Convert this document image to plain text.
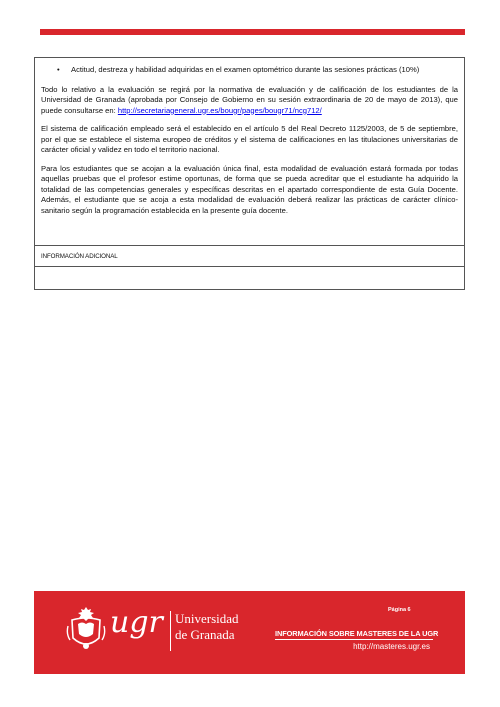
•	Actitud, destreza y habilidad adquiridas en el examen optométrico durante las sesiones prácticas (10%)

Todo lo relativo a la evaluación se regirá por la normativa de evaluación y de calificación de los estudiantes de la Universidad de Granada (aprobada por Consejo de Gobierno en su sesión extraordinaria de 20 de mayo de 2013), que puede consultarse en: http://secretariageneral.ugr.es/bougr/pages/bougr71/ncg712/

El sistema de calificación empleado será el establecido en el artículo 5 del Real Decreto 1125/2003, de 5 de septiembre, por el que se establece el sistema europeo de créditos y el sistema de calificaciones en las titulaciones universitarias de carácter oficial y validez en todo el territorio nacional.

Para los estudiantes que se acojan a la evaluación única final, esta modalidad de evaluación estará formada por todas aquellas pruebas que el profesor estime oportunas, de forma que se pueda acreditar que el estudiante ha adquirido la totalidad de las competencias generales y específicas descritas en el apartado correspondiente de esta Guía Docente. Además, el estudiante que se acoja a esta modalidad de evaluación deberá realizar las prácticas de carácter clínico-sanitario según la programación establecida en la presente guía docente.

INFORMACIÓN ADICIONAL
ugr Universidad
de Granada
Página 6
INFORMACIÓN SOBRE MASTERES DE LA UGR
http://masteres.ugr.es
